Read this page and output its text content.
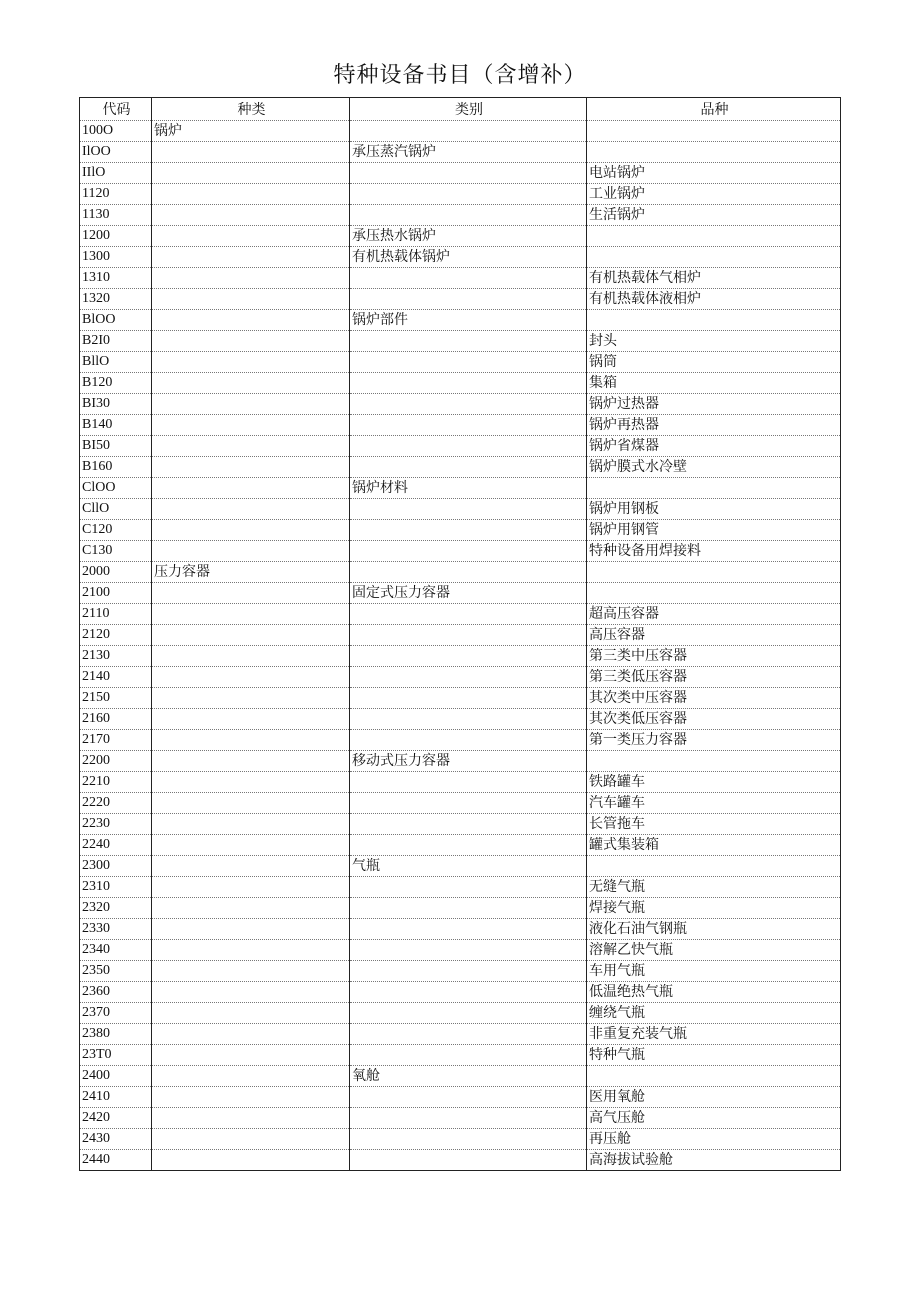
特种设备书目（含增补）
代码	种类	类别	品种
100O	锅炉		
IlOO		承压蒸汽锅炉	
IIlO			电站锅炉
1120			工业锅炉
1130			生活锅炉
1200		承压热水锅炉	
1300		有机热载体锅炉	
1310			有机热载体气相炉
1320			有机热载体液相炉
BlOO		锅炉部件	
B2I0			封头
BllO			锅筒
B120			集箱
BI30			锅炉过热器
B140			锅炉再热器
BI50			锅炉省煤器
B160			锅炉膜式水冷壁
ClOO		锅炉材料	
CllO			锅炉用钢板
C120			锅炉用钢管
C130			特种设备用焊接料
2000	压力容器		
2100		固定式压力容器	
2110			超高压容器
2120			高压容器
2130			第三类中压容器
2140			第三类低压容器
2150			其次类中压容器
2160			其次类低压容器
2170			第一类压力容器
2200		移动式压力容器	
2210			铁路罐车
2220			汽车罐车
2230			长管拖车
2240			罐式集装箱
2300		气瓶	
2310			无缝气瓶
2320			焊接气瓶
2330			液化石油气钢瓶
2340			溶解乙快气瓶
2350			车用气瓶
2360			低温绝热气瓶
2370			缠绕气瓶
2380			非重复充装气瓶
23T0			特种气瓶
2400		氧舱	
2410			医用氧舱
2420			高气压舱
2430			再压舱
2440			高海拔试验舱
